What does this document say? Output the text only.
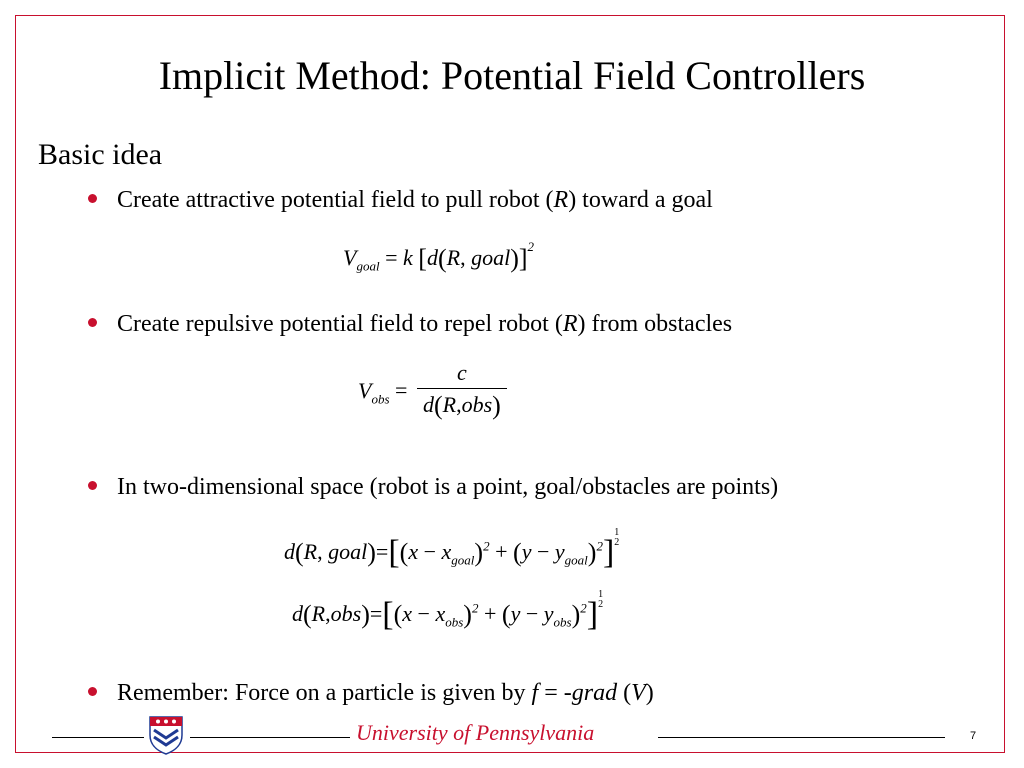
Implicit Method: Potential Field Controllers
Basic idea
Create attractive potential field to pull robot (R) toward a goal
$V_{goal} = k$ [d(R, goal)]$^2$
Create repulsive potential field to repel robot (R) from obstacles
$V_{obs} = \frac{c}{\text{d(R,obs)}}$
In two-dimensional space (robot is a point, goal/obstacles are points)
d(R, goal)=[(x − $x_{goal})^2 + (y - y_{goal})^2$]
1
2
$d(R,obs)=[(x - x_{obs})^2 + (y - y_{obs})^2]$
1
2
Remember: Force on a particle is given by f = -grad (V)
University of Pennsylvania	7
